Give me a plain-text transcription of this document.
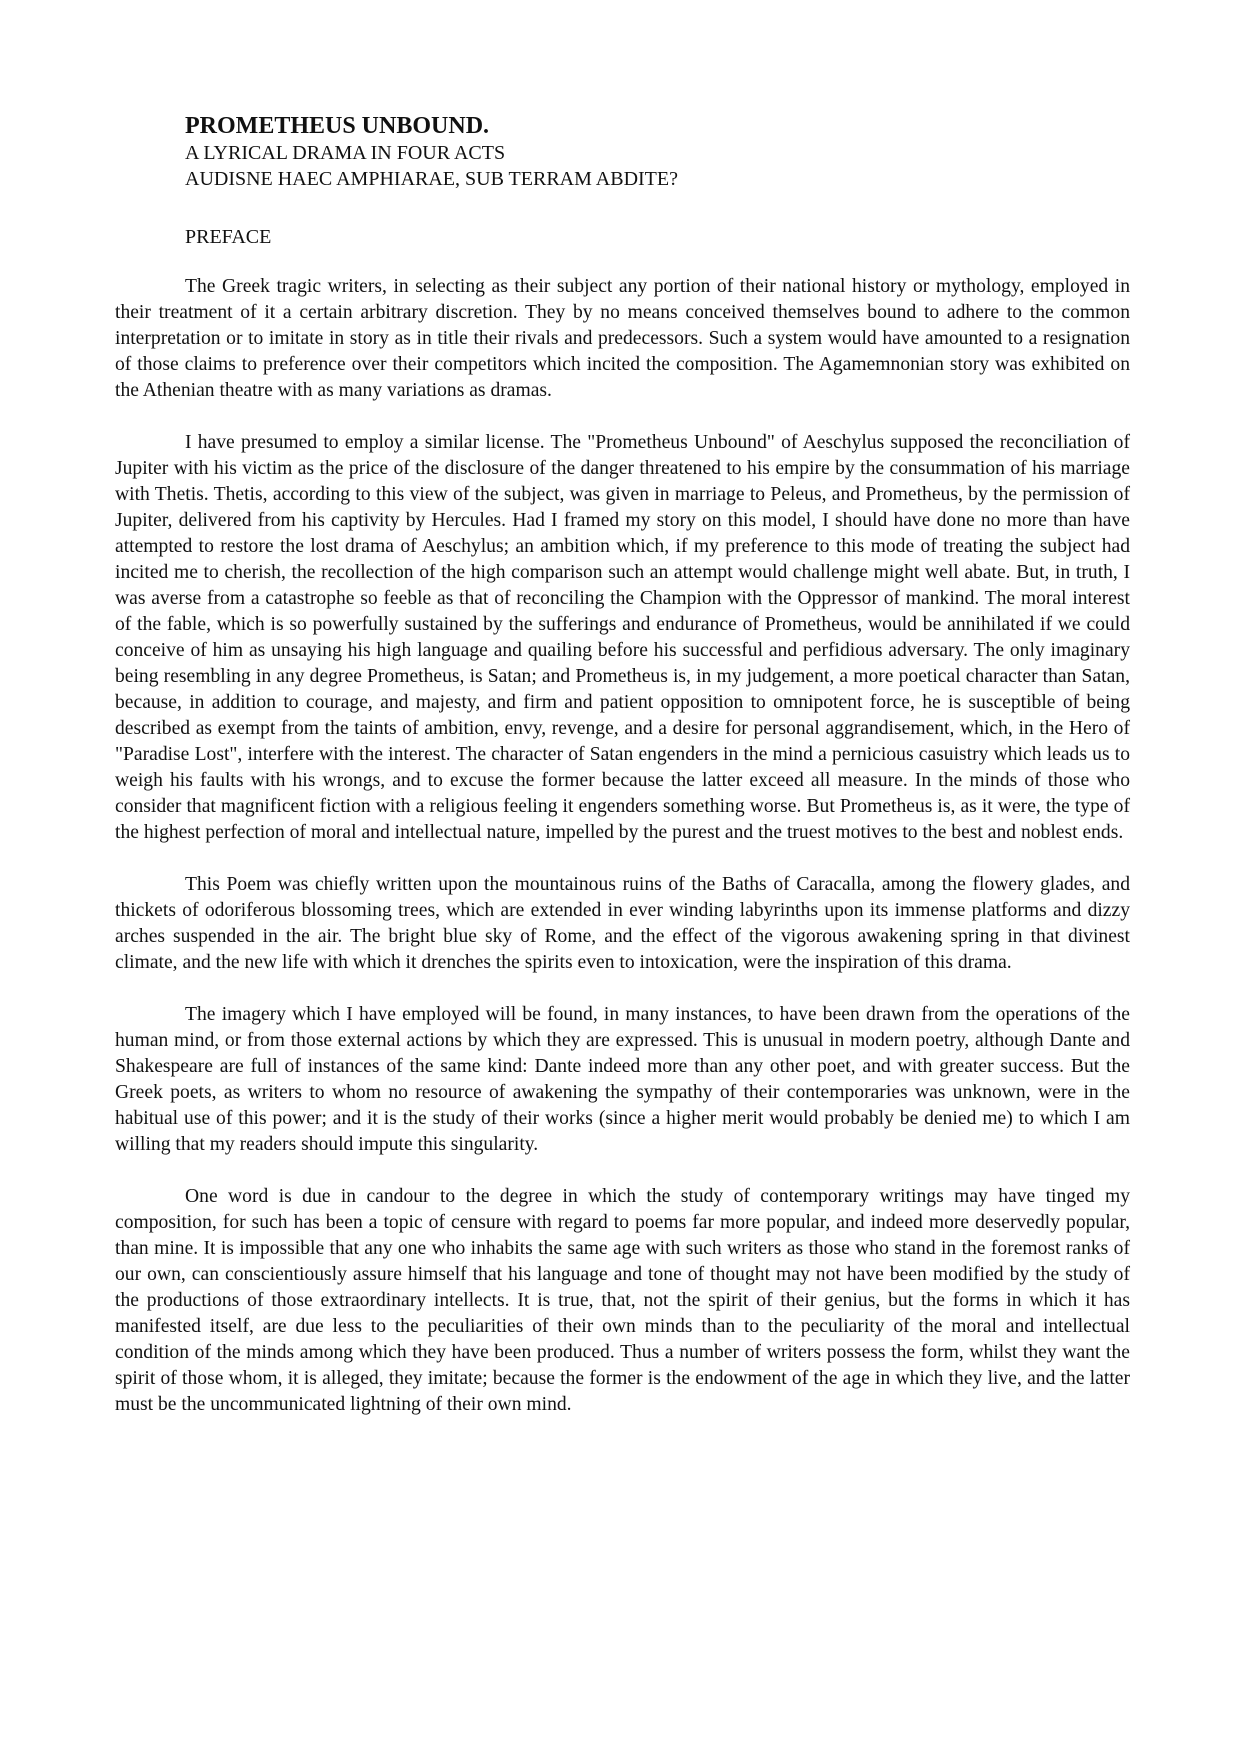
PROMETHEUS UNBOUND.

A LYRICAL DRAMA IN FOUR ACTS

AUDISNE HAEC AMPHIARAE, SUB TERRAM ABDITE?

PREFACE

The Greek tragic writers, in selecting as their subject any portion of their national history or mythology, employed in their treatment of it a certain arbitrary discretion. They by no means conceived themselves bound to adhere to the common interpretation or to imitate in story as in title their rivals and predecessors. Such a system would have amounted to a resignation of those claims to preference over their competitors which incited the composition. The Agamemnonian story was exhibited on the Athenian theatre with as many variations as dramas.

I have presumed to employ a similar license. The "Prometheus Unbound" of Aeschylus supposed the reconciliation of Jupiter with his victim as the price of the disclosure of the danger threatened to his empire by the consummation of his marriage with Thetis. Thetis, according to this view of the subject, was given in marriage to Peleus, and Prometheus, by the permission of Jupiter, delivered from his captivity by Hercules. Had I framed my story on this model, I should have done no more than have attempted to restore the lost drama of Aeschylus; an ambition which, if my preference to this mode of treating the subject had incited me to cherish, the recollection of the high comparison such an attempt would challenge might well abate. But, in truth, I was averse from a catastrophe so feeble as that of reconciling the Champion with the Oppressor of mankind. The moral interest of the fable, which is so powerfully sustained by the sufferings and endurance of Prometheus, would be annihilated if we could conceive of him as unsaying his high language and quailing before his successful and perfidious adversary. The only imaginary being resembling in any degree Prometheus, is Satan; and Prometheus is, in my judgement, a more poetical character than Satan, because, in addition to courage, and majesty, and firm and patient opposition to omnipotent force, he is susceptible of being described as exempt from the taints of ambition, envy, revenge, and a desire for personal aggrandisement, which, in the Hero of "Paradise Lost", interfere with the interest. The character of Satan engenders in the mind a pernicious casuistry which leads us to weigh his faults with his wrongs, and to excuse the former because the latter exceed all measure. In the minds of those who consider that magnificent fiction with a religious feeling it engenders something worse. But Prometheus is, as it were, the type of the highest perfection of moral and intellectual nature, impelled by the purest and the truest motives to the best and noblest ends.

This Poem was chiefly written upon the mountainous ruins of the Baths of Caracalla, among the flowery glades, and thickets of odoriferous blossoming trees, which are extended in ever winding labyrinths upon its immense platforms and dizzy arches suspended in the air. The bright blue sky of Rome, and the effect of the vigorous awakening spring in that divinest climate, and the new life with which it drenches the spirits even to intoxication, were the inspiration of this drama.

The imagery which I have employed will be found, in many instances, to have been drawn from the operations of the human mind, or from those external actions by which they are expressed. This is unusual in modern poetry, although Dante and Shakespeare are full of instances of the same kind: Dante indeed more than any other poet, and with greater success. But the Greek poets, as writers to whom no resource of awakening the sympathy of their contemporaries was unknown, were in the habitual use of this power; and it is the study of their works (since a higher merit would probably be denied me) to which I am willing that my readers should impute this singularity.

One word is due in candour to the degree in which the study of contemporary writings may have tinged my composition, for such has been a topic of censure with regard to poems far more popular, and indeed more deservedly popular, than mine. It is impossible that any one who inhabits the same age with such writers as those who stand in the foremost ranks of our own, can conscientiously assure himself that his language and tone of thought may not have been modified by the study of the productions of those extraordinary intellects. It is true, that, not the spirit of their genius, but the forms in which it has manifested itself, are due less to the peculiarities of their own minds than to the peculiarity of the moral and intellectual condition of the minds among which they have been produced. Thus a number of writers possess the form, whilst they want the spirit of those whom, it is alleged, they imitate; because the former is the endowment of the age in which they live, and the latter must be the uncommunicated lightning of their own mind.
